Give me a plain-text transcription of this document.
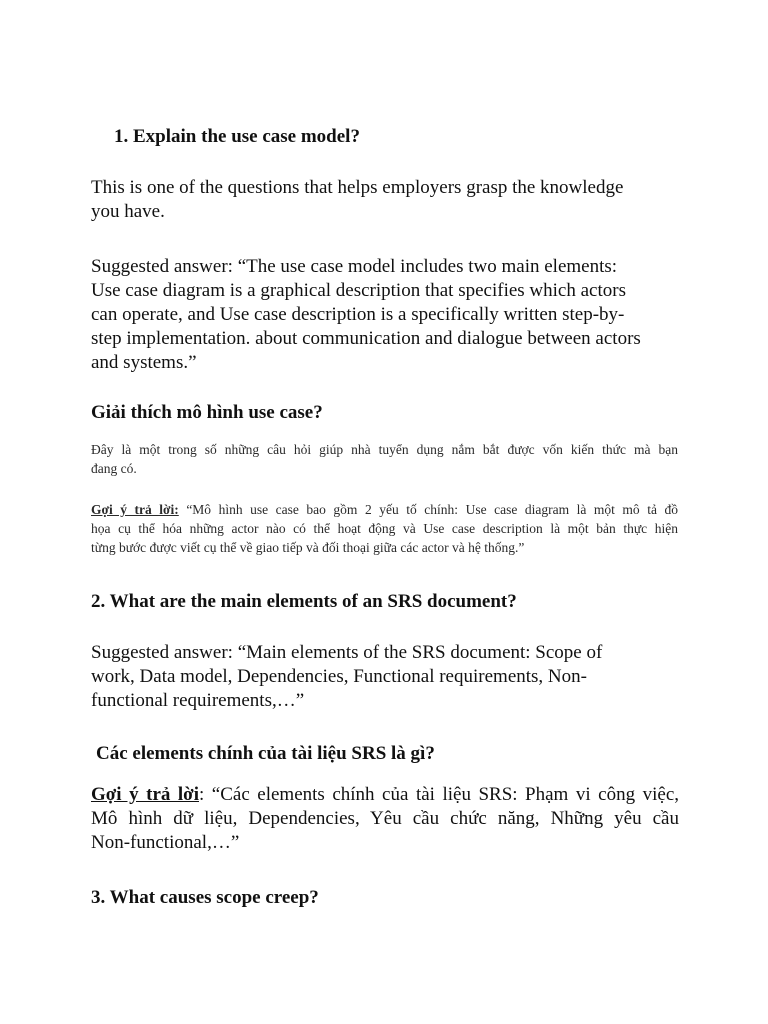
1. Explain the use case model?
This is one of the questions that helps employers grasp the knowledge
you have.
Suggested answer: “The use case model includes two main elements:
Use case diagram is a graphical description that specifies which actors
can operate, and Use case description is a specifically written step-by-
step implementation. about communication and dialogue between actors
and systems.”
Giải thích mô hình use case?
Đây là một trong số những câu hỏi giúp nhà tuyển dụng nắm bắt được vốn kiến thức mà bạn
đang có.
Gợi ý trả lời: “Mô hình use case bao gồm 2 yếu tố chính: Use case diagram là một mô tả đồ
họa cụ thể hóa những actor nào có thể hoạt động và Use case description là một bản thực hiện
từng bước được viết cụ thể về giao tiếp và đối thoại giữa các actor và hệ thống.”
2. What are the main elements of an SRS document?
Suggested answer: “Main elements of the SRS document: Scope of
work, Data model, Dependencies, Functional requirements, Non-
functional requirements,…”
Các elements chính của tài liệu SRS là gì?
Gợi ý trả lời: “Các elements chính của tài liệu SRS: Phạm vi công việc,
Mô hình dữ liệu, Dependencies, Yêu cầu chức năng, Những yêu cầu
Non-functional,…”
3. What causes scope creep?
